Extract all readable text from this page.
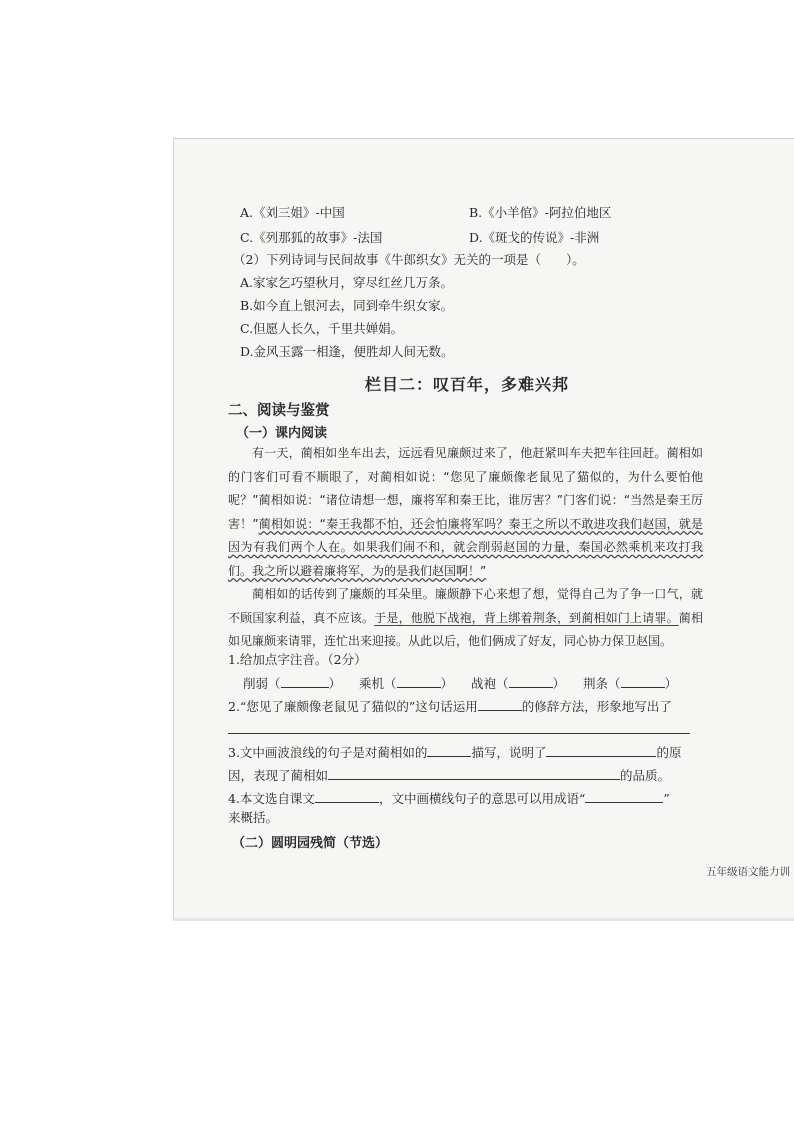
A.《刘三姐》-中国	B.《小羊倌》-阿拉伯地区
C.《列那狐的故事》-法国	D.《斑戈的传说》-非洲
（2）下列诗词与民间故事《牛郎织女》无关的一项是（　　）。
A.家家乞巧望秋月，穿尽红丝几万条。
B.如今直上银河去，同到牵牛织女家。
C.但愿人长久，千里共婵娟。
D.金风玉露一相逢，便胜却人间无数。
栏目二：叹百年，多难兴邦
二、阅读与鉴赏
（一）课内阅读

有一天，蔺相如坐车出去，远远看见廉颇过来了，他赶紧叫车夫把车往回赶。蔺相如的门客们可看不顺眼了，对蔺相如说：“您见了廉颇像老鼠见了猫似的，为什么要怕他呢？”蔺相如说：“诸位请想一想，廉将军和秦王比，谁厉害？”门客们说：“当然是秦王厉害！”蔺相如说：“秦王我都不怕，还会怕廉将军吗？秦王之所以不敢进攻我们赵国，就是因为有我们两个人在。如果我们闹不和，就会削弱赵国的力量，秦国必然乘机来攻打我们。我之所以避着廉将军，为的是我们赵国啊！”

蔺相如的话传到了廉颇的耳朵里。廉颇静下心来想了想，觉得自己为了争一口气，就不顾国家利益，真不应该。于是，他脱下战袍，背上绑着荆条，到蔺相如门上请罪。蔺相如见廉颇来请罪，连忙出来迎接。从此以后，他们俩成了好友，同心协力保卫赵国。

1.给加点字注音。（2分）
削弱（	） 乘机（	） 战袍（	） 荆条（	）
2.“您见了廉颇像老鼠见了猫似的”这句话运用	的修辞方法，形象地写出了
3.文中画波浪线的句子是对蔺相如的	描写，说明了	的原
因，表现了蔺相如	的品质。
4.本文选自课文	，文中画横线句子的意思可以用成语“	”
来概括。
（二）圆明园残简（节选）
五年级语文能力训
